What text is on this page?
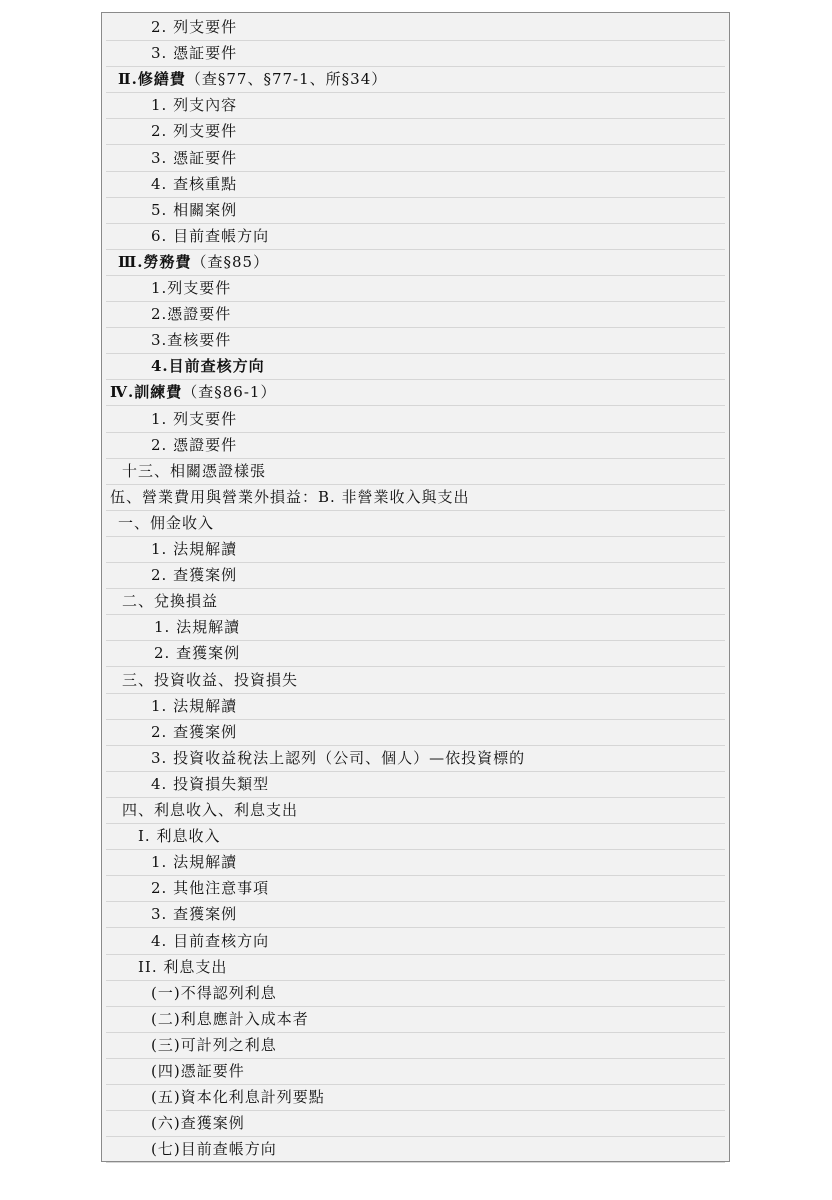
2. 列支要件
3. 憑証要件
Ⅱ.修繕費（查§77、§77-1、所§34）
1. 列支內容
2. 列支要件
3. 憑証要件
4. 查核重點
5. 相關案例
6. 目前查帳方向
Ⅲ.勞務費（查§85）
1.列支要件
2.憑證要件
3.查核要件
4.目前查核方向
Ⅳ.訓練費（查§86-1）
1. 列支要件
2. 憑證要件
十三、相關憑證樣張
伍、營業費用與營業外損益：B. 非營業收入與支出
一、佣金收入
1. 法規解讀
2. 查獲案例
二、兌換損益
1. 法規解讀
2. 查獲案例
三、投資收益、投資損失
1. 法規解讀
2. 查獲案例
3. 投資收益稅法上認列（公司、個人）—依投資標的
4. 投資損失類型
四、利息收入、利息支出
I. 利息收入
1. 法規解讀
2. 其他注意事項
3. 查獲案例
4. 目前查核方向
II. 利息支出
(一)不得認列利息
(二)利息應計入成本者
(三)可計列之利息
(四)憑証要件
(五)資本化利息計列要點
(六)查獲案例
(七)目前查帳方向
